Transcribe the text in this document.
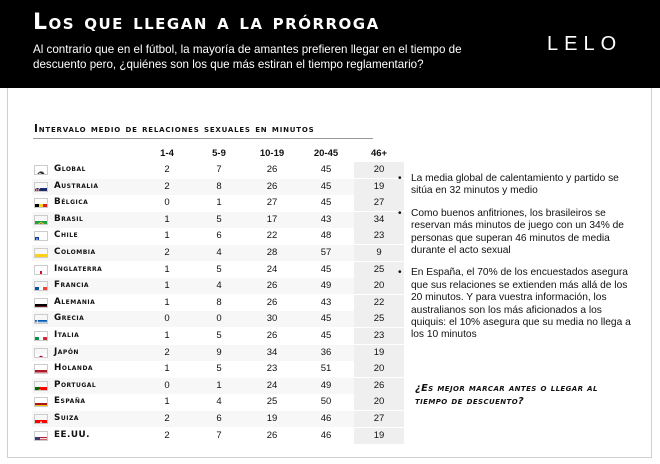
Los que llegan a la prórroga
Al contrario que en el fútbol, la mayoría de amantes prefieren llegar en el tiempo de descuento pero, ¿quiénes son los que más estiran el tiempo reglamentario?
LELO
Intervalo medio de relaciones sexuales en minutos
1-4	5-9	10-19	20-45	46+
Global	2	7	26	45	20
Australia	2	8	26	45	19
Bélgica	0	1	27	45	27
Brasil	1	5	17	43	34
Chile	1	6	22	48	23
Colombia	2	4	28	57	9
Inglaterra	1	5	24	45	25
Francia	1	4	26	49	20
Alemania	1	8	26	43	22
Grecia	0	0	30	45	25
Italia	1	5	26	45	23
Japón	2	9	34	36	19
Holanda	1	5	23	51	20
Portugal	0	1	24	49	26
España	1	4	25	50	20
Suiza	2	6	19	46	27
EE.UU.	2	7	26	46	19
• La media global de calentamiento y partido se sitúa en 32 minutos y medio
• Como buenos anfitriones, los brasileiros se reservan más minutos de juego con un 34% de personas que superan 46 minutos de media durante el acto sexual
• En España, el 70% de los encuestados asegura que sus relaciones se extienden más allá de los 20 minutos. Y para vuestra información, los australianos son los más aficionados a los quiquis: el 10% asegura que su media no llega a los 10 minutos
¿Es mejor marcar antes o llegar al tiempo de descuento?
